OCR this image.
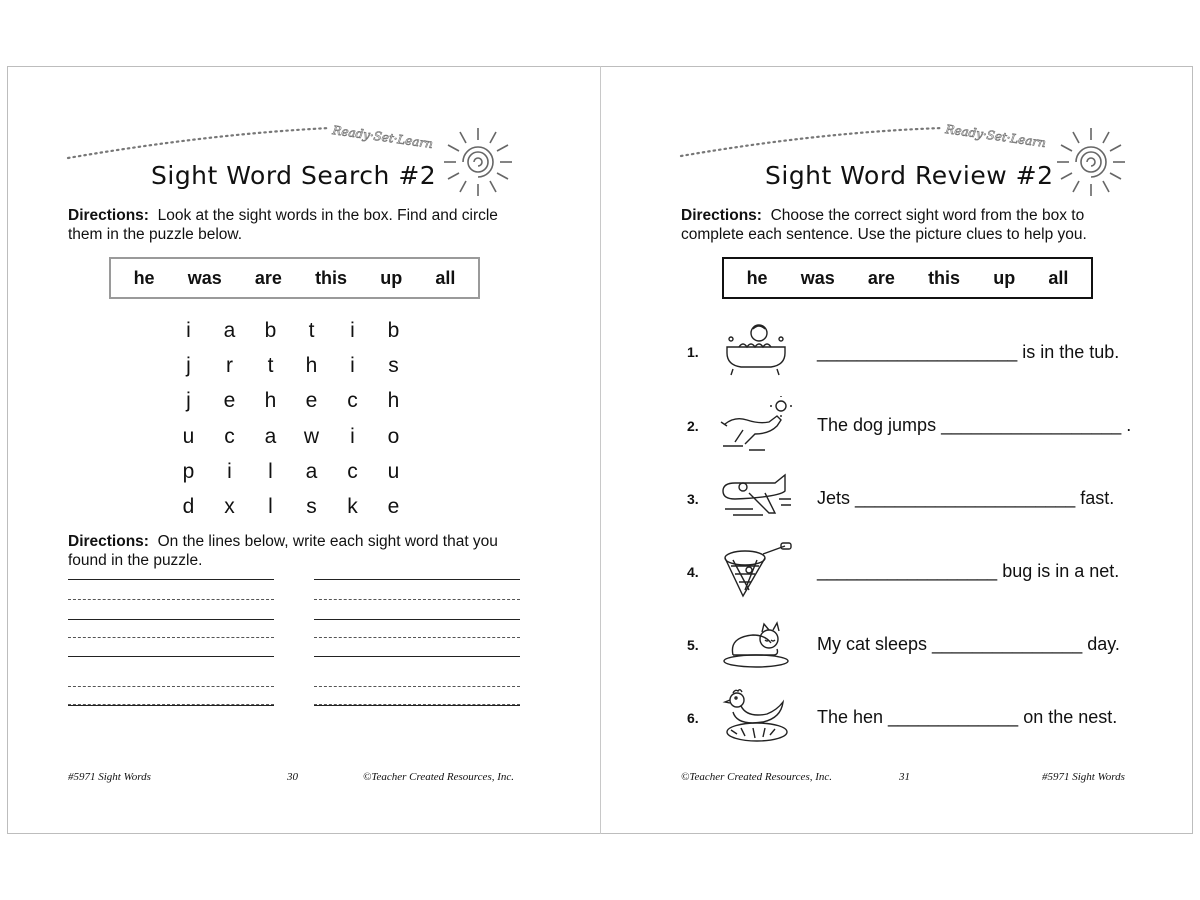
Ready·Set·Learn
Sight Word Search #2
Directions: Look at the sight words in the box. Find and circle them in the puzzle below.
he was are this up all
i	a	b	t	i	b
j	r	t	h	i	s
j	e	h	e	c	h
u	c	a	w	i	o
p	i	l	a	c	u
d	x	l	s	k	e
Directions: On the lines below, write each sight word that you found in the puzzle.
#5971 Sight Words	30	©Teacher Created Resources, Inc.
Ready·Set·Learn
Sight Word Review #2
Directions: Choose the correct sight word from the box to complete each sentence. Use the picture clues to help you.
he was are this up all
1.	____________________ is in the tub.
2.	The dog jumps __________________ .
3.	Jets ______________________ fast.
4.	__________________ bug is in a net.
5.	My cat sleeps _______________ day.
6.	The hen _____________ on the nest.
©Teacher Created Resources, Inc.	31	#5971 Sight Words
